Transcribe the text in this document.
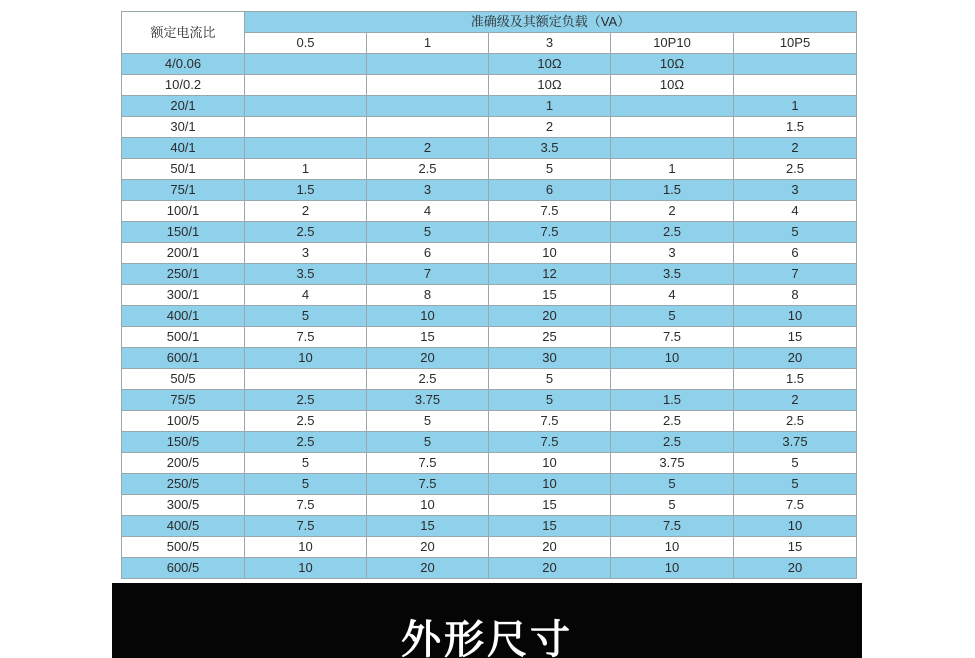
额定电流比	准确级及其额定负载（VA）				
	0.5	1	3	10P10	10P5
4/0.06			10Ω	10Ω	
10/0.2			10Ω	10Ω	
20/1			1		1
30/1			2		1.5
40/1		2	3.5		2
50/1	1	2.5	5	1	2.5
75/1	1.5	3	6	1.5	3
100/1	2	4	7.5	2	4
150/1	2.5	5	7.5	2.5	5
200/1	3	6	10	3	6
250/1	3.5	7	12	3.5	7
300/1	4	8	15	4	8
400/1	5	10	20	5	10
500/1	7.5	15	25	7.5	15
600/1	10	20	30	10	20
50/5		2.5	5		1.5
75/5	2.5	3.75	5	1.5	2
100/5	2.5	5	7.5	2.5	2.5
150/5	2.5	5	7.5	2.5	3.75
200/5	5	7.5	10	3.75	5
250/5	5	7.5	10	5	5
300/5	7.5	10	15	5	7.5
400/5	7.5	15	15	7.5	10
500/5	10	20	20	10	15
600/5	10	20	20	10	20
外形尺寸
